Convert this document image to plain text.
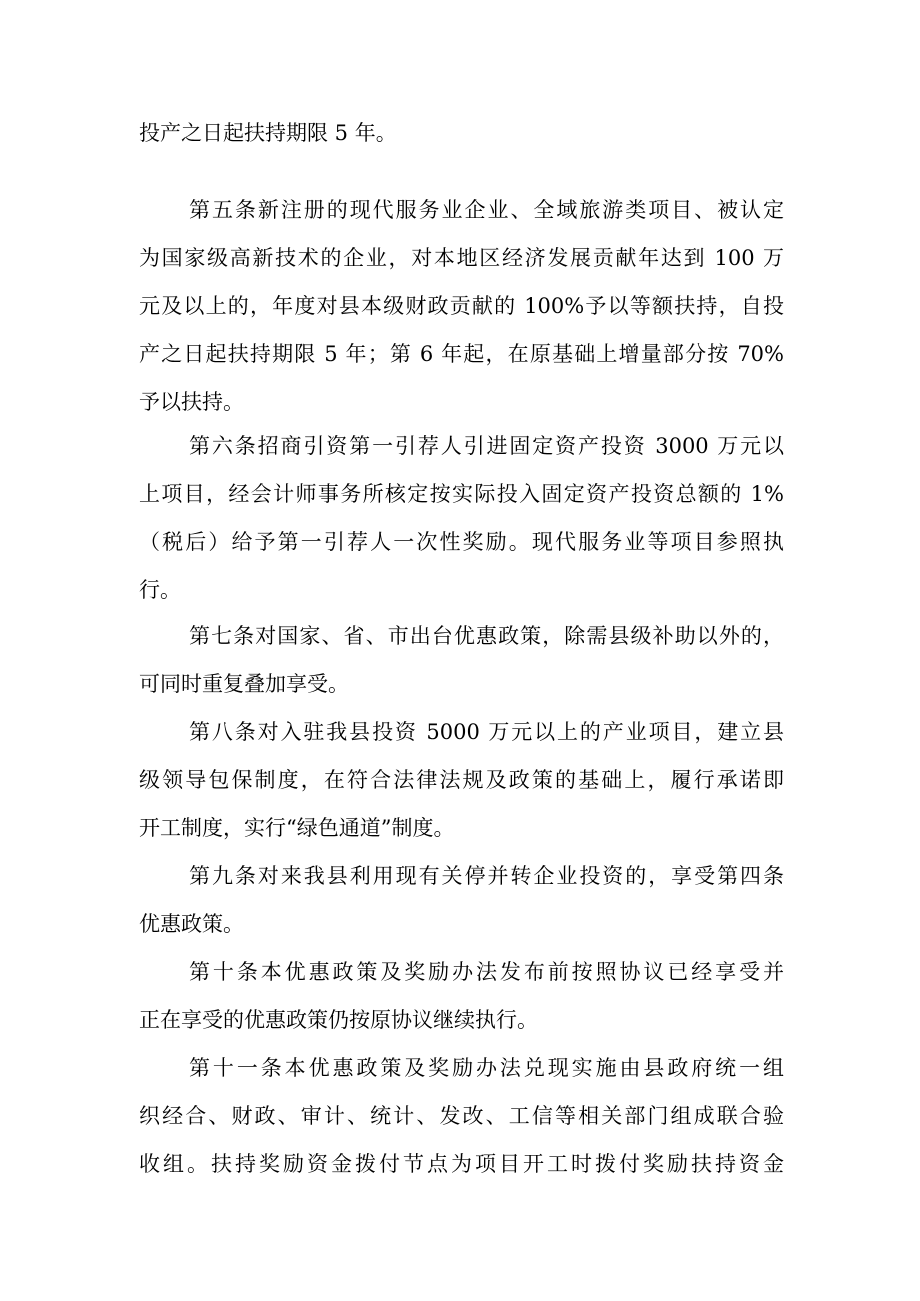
投产之日起扶持期限 5 年。
第五条新注册的现代服务业企业、全域旅游类项目、被认定
为国家级高新技术的企业，对本地区经济发展贡献年达到 100 万
元及以上的，年度对县本级财政贡献的 100%予以等额扶持，自投
产之日起扶持期限 5 年；第 6 年起，在原基础上增量部分按 70%
予以扶持。
第六条招商引资第一引荐人引进固定资产投资 3000 万元以
上项目，经会计师事务所核定按实际投入固定资产投资总额的 1%
（税后）给予第一引荐人一次性奖励。现代服务业等项目参照执
行。
第七条对国家、省、市出台优惠政策，除需县级补助以外的，
可同时重复叠加享受。
第八条对入驻我县投资 5000 万元以上的产业项目，建立县
级领导包保制度，在符合法律法规及政策的基础上，履行承诺即
开工制度，实行“绿色通道”制度。
第九条对来我县利用现有关停并转企业投资的，享受第四条
优惠政策。
第十条本优惠政策及奖励办法发布前按照协议已经享受并
正在享受的优惠政策仍按原协议继续执行。
第十一条本优惠政策及奖励办法兑现实施由县政府统一组
织经合、财政、审计、统计、发改、工信等相关部门组成联合验
收组。扶持奖励资金拨付节点为项目开工时拨付奖励扶持资金
